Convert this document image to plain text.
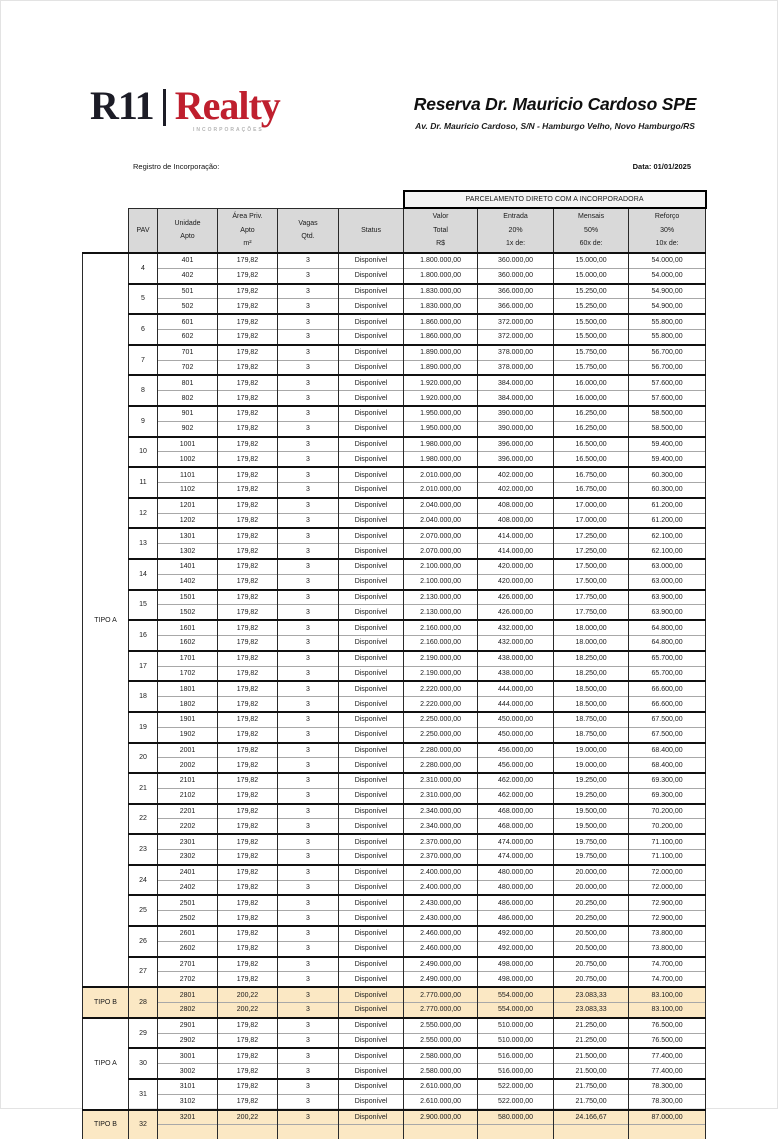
R11 Realty
INCORPORAÇÕES
Reserva Dr. Mauricio Cardoso SPE
Av. Dr. Mauricio Cardoso, S/N - Hamburgo Velho, Novo Hamburgo/RS
Registro de Incorporação:	Data: 01/01/2025
						PARCELAMENTO DIRETO COM A INCORPORADORA			

PAV

Unidade
Apto

Área Priv.
Apto
m²

Vagas
Qtd.

Status

Valor
Total
R$

Entrada
20%
1x de:

Mensais
50%
60x de:

Reforço
30%
10x de:

TIPO A	4	401	179,82	3	Disponível	1.800.000,00	360.000,00	15.000,00	54.000,00
		402	179,82	3	Disponível	1.800.000,00	360.000,00	15.000,00	54.000,00
	5	501	179,82	3	Disponível	1.830.000,00	366.000,00	15.250,00	54.900,00
		502	179,82	3	Disponível	1.830.000,00	366.000,00	15.250,00	54.900,00
	6	601	179,82	3	Disponível	1.860.000,00	372.000,00	15.500,00	55.800,00
		602	179,82	3	Disponível	1.860.000,00	372.000,00	15.500,00	55.800,00
	7	701	179,82	3	Disponível	1.890.000,00	378.000,00	15.750,00	56.700,00
		702	179,82	3	Disponível	1.890.000,00	378.000,00	15.750,00	56.700,00
	8	801	179,82	3	Disponível	1.920.000,00	384.000,00	16.000,00	57.600,00
		802	179,82	3	Disponível	1.920.000,00	384.000,00	16.000,00	57.600,00
	9	901	179,82	3	Disponível	1.950.000,00	390.000,00	16.250,00	58.500,00
		902	179,82	3	Disponível	1.950.000,00	390.000,00	16.250,00	58.500,00
	10	1001	179,82	3	Disponível	1.980.000,00	396.000,00	16.500,00	59.400,00
		1002	179,82	3	Disponível	1.980.000,00	396.000,00	16.500,00	59.400,00
	11	1101	179,82	3	Disponível	2.010.000,00	402.000,00	16.750,00	60.300,00
		1102	179,82	3	Disponível	2.010.000,00	402.000,00	16.750,00	60.300,00
	12	1201	179,82	3	Disponível	2.040.000,00	408.000,00	17.000,00	61.200,00
		1202	179,82	3	Disponível	2.040.000,00	408.000,00	17.000,00	61.200,00
	13	1301	179,82	3	Disponível	2.070.000,00	414.000,00	17.250,00	62.100,00
		1302	179,82	3	Disponível	2.070.000,00	414.000,00	17.250,00	62.100,00
	14	1401	179,82	3	Disponível	2.100.000,00	420.000,00	17.500,00	63.000,00
		1402	179,82	3	Disponível	2.100.000,00	420.000,00	17.500,00	63.000,00
	15	1501	179,82	3	Disponível	2.130.000,00	426.000,00	17.750,00	63.900,00
		1502	179,82	3	Disponível	2.130.000,00	426.000,00	17.750,00	63.900,00
	16	1601	179,82	3	Disponível	2.160.000,00	432.000,00	18.000,00	64.800,00
		1602	179,82	3	Disponível	2.160.000,00	432.000,00	18.000,00	64.800,00
	17	1701	179,82	3	Disponível	2.190.000,00	438.000,00	18.250,00	65.700,00
		1702	179,82	3	Disponível	2.190.000,00	438.000,00	18.250,00	65.700,00
	18	1801	179,82	3	Disponível	2.220.000,00	444.000,00	18.500,00	66.600,00
		1802	179,82	3	Disponível	2.220.000,00	444.000,00	18.500,00	66.600,00
	19	1901	179,82	3	Disponível	2.250.000,00	450.000,00	18.750,00	67.500,00
		1902	179,82	3	Disponível	2.250.000,00	450.000,00	18.750,00	67.500,00
	20	2001	179,82	3	Disponível	2.280.000,00	456.000,00	19.000,00	68.400,00
		2002	179,82	3	Disponível	2.280.000,00	456.000,00	19.000,00	68.400,00
	21	2101	179,82	3	Disponível	2.310.000,00	462.000,00	19.250,00	69.300,00
		2102	179,82	3	Disponível	2.310.000,00	462.000,00	19.250,00	69.300,00
	22	2201	179,82	3	Disponível	2.340.000,00	468.000,00	19.500,00	70.200,00
		2202	179,82	3	Disponível	2.340.000,00	468.000,00	19.500,00	70.200,00
	23	2301	179,82	3	Disponível	2.370.000,00	474.000,00	19.750,00	71.100,00
		2302	179,82	3	Disponível	2.370.000,00	474.000,00	19.750,00	71.100,00
	24	2401	179,82	3	Disponível	2.400.000,00	480.000,00	20.000,00	72.000,00
		2402	179,82	3	Disponível	2.400.000,00	480.000,00	20.000,00	72.000,00
	25	2501	179,82	3	Disponível	2.430.000,00	486.000,00	20.250,00	72.900,00
		2502	179,82	3	Disponível	2.430.000,00	486.000,00	20.250,00	72.900,00
	26	2601	179,82	3	Disponível	2.460.000,00	492.000,00	20.500,00	73.800,00
		2602	179,82	3	Disponível	2.460.000,00	492.000,00	20.500,00	73.800,00
	27	2701	179,82	3	Disponível	2.490.000,00	498.000,00	20.750,00	74.700,00
		2702	179,82	3	Disponível	2.490.000,00	498.000,00	20.750,00	74.700,00
TIPO B	28	2801	200,22	3	Disponível	2.770.000,00	554.000,00	23.083,33	83.100,00
		2802	200,22	3	Disponível	2.770.000,00	554.000,00	23.083,33	83.100,00
TIPO A	29	2901	179,82	3	Disponível	2.550.000,00	510.000,00	21.250,00	76.500,00
		2902	179,82	3	Disponível	2.550.000,00	510.000,00	21.250,00	76.500,00
	30	3001	179,82	3	Disponível	2.580.000,00	516.000,00	21.500,00	77.400,00
		3002	179,82	3	Disponível	2.580.000,00	516.000,00	21.500,00	77.400,00
	31	3101	179,82	3	Disponível	2.610.000,00	522.000,00	21.750,00	78.300,00
		3102	179,82	3	Disponível	2.610.000,00	522.000,00	21.750,00	78.300,00
TIPO B	32	3201	200,22	3	Disponível	2.900.000,00	580.000,00	24.166,67	87.000,00
